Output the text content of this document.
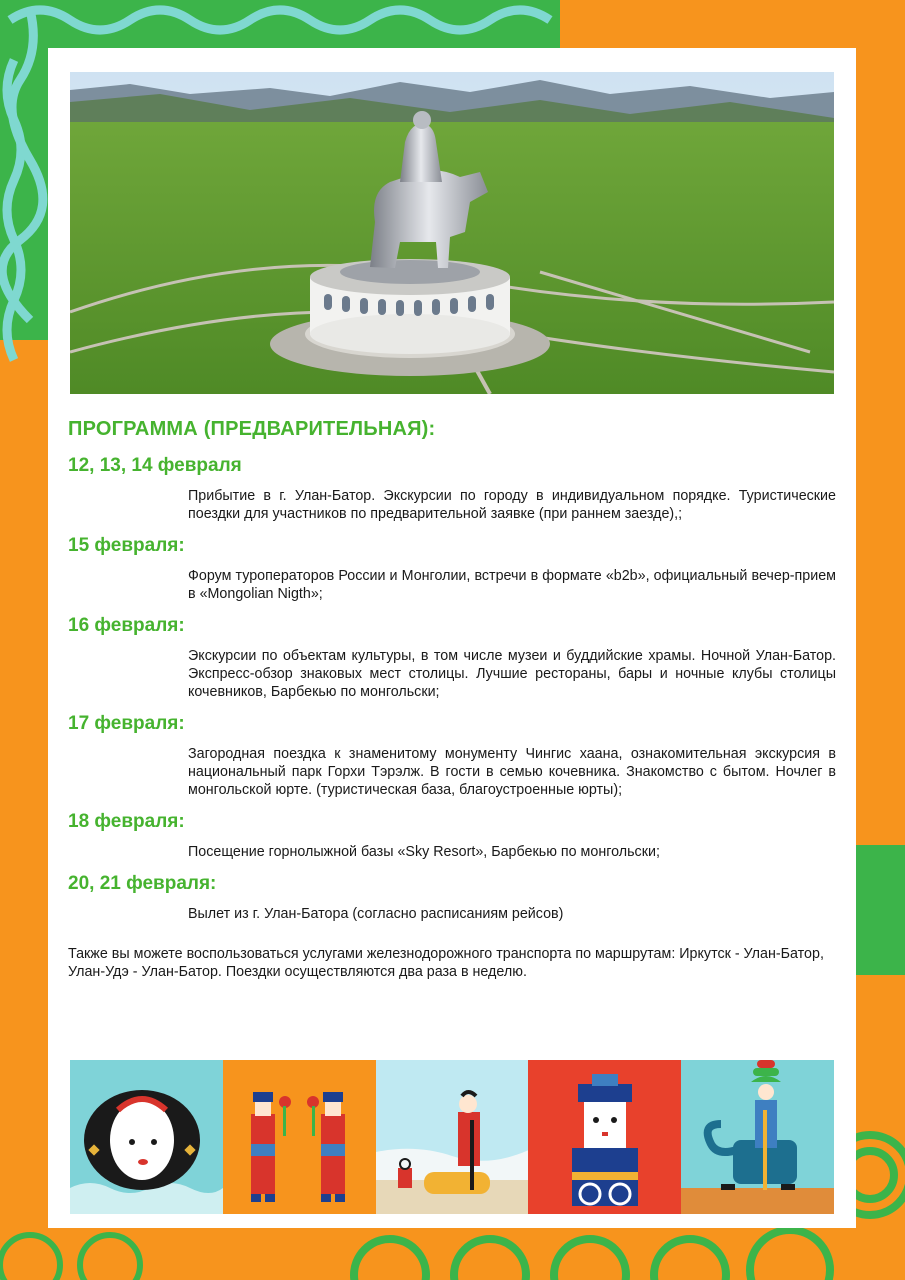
ПРОГРАММА (ПРЕДВАРИТЕЛЬНАЯ):
12, 13, 14 февраля
Прибытие в г. Улан-Батор. Экскурсии по городу в индивидуальном порядке. Туристические поездки для участников по предварительной заявке (при раннем заезде),;
15 февраля:
Форум туроператоров России и Монголии, встречи в формате «b2b», официальный вечер-прием в «Mongolian Nigth»;
16 февраля:
Экскурсии по объектам культуры, в том числе музеи и буддийские храмы. Ночной Улан-Батор. Экспресс-обзор знаковых мест столицы. Лучшие рестораны, бары и ночные клубы столицы кочевников, Барбекью по монгольски;
17 февраля:
Загородная поездка к знаменитому монументу Чингис хаана, ознакомительная экскурсия в национальный парк Горхи Тэрэлж. В гости в семью кочевника. Знакомство с бытом. Ночлег в монгольской юрте. (туристическая база, благоустроенные юрты);
18 февраля:
Посещение горнолыжной базы «Sky Resort», Барбекью по монгольски;
20, 21 февраля:
Вылет из г. Улан-Батора (согласно расписаниям рейсов)
Также вы можете воспользоваться услугами железнодорожного транспорта по маршрутам: Иркутск - Улан-Батор, Улан-Удэ - Улан-Батор. Поездки осуществляются два раза в неделю.
